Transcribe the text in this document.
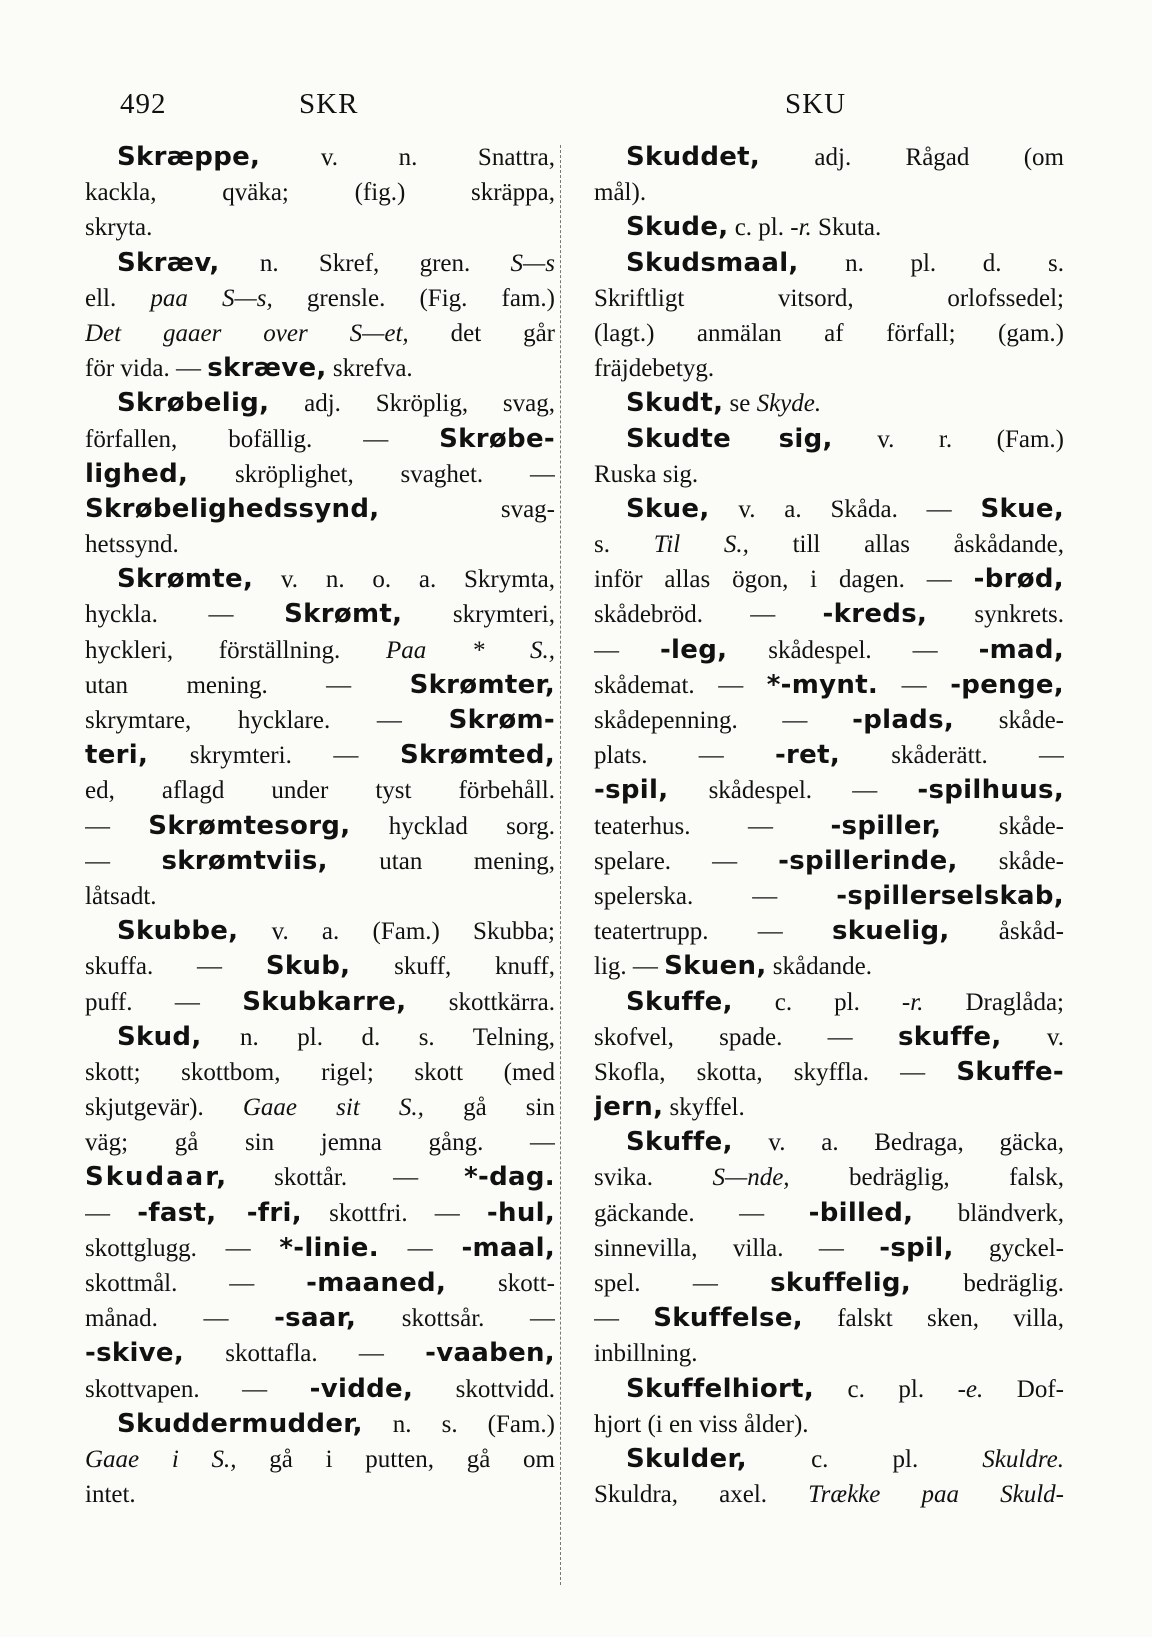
492	SKR	SKU
Skræppe, v. n. Snattra,
kackla, qväka; (fig.) skräppa,
skryta.
Skræv, n. Skref, gren. S—s
ell. paa S—s, grenslе. (Fig. fam.)
Det gaaer over S—et, det går
för vida. — skræve, skrefva.
Skrøbelig, adj. Skröplig, svag,
förfallen, bofällig. — Skrøbe-
lighed, skröplighet, svaghet. —
Skrøbelighedssynd, svag-
hetssynd.
Skrømte, v. n. o. a. Skrymta,
hyckla. — Skrømt, skrymteri,
hyckleri, förställning. Paa * S.,
utan mening. — Skrømter,
skrymtare, hycklare. — Skrøm-
teri, skrymteri. — Skrømted,
ed, aflagd under tyst förbehåll.
— Skrømtesorg, hycklad sorg.
— skrømtviis, utan mening,
låtsadt.
Skubbe, v. a. (Fam.) Skubba;
skuffa. — Skub, skuff, knuff,
puff. — Skubkarre, skottkärra.
Skud, n. pl. d. s. Telning,
skott; skottbom, rigel; skott (med
skjutgevär). Gaae sit S., gå sin
väg; gå sin jemna gång. —
Skudaar, skottår. — *-dag.
— -fast, -fri, skottfri. — -hul,
skottglugg. — *-linie. — -maal,
skottmål. — -maaned, skott-
månad. — -saar, skottsår. —
-skive, skottafla. — -vaaben,
skottvapen. — -vidde, skottvidd.
Skuddermudder, n. s. (Fam.)
Gaae i S., gå i putten, gå om
intet.
Skuddet, adj. Rågad (om
mål).
Skude, c. pl. -r. Skuta.
Skudsmaal, n. pl. d. s.
Skriftligt vitsord, orlofssedel;
(lagt.) anmälan af förfall; (gam.)
fräjdebetyg.
Skudt, se Skyde.
Skudte sig, v. r. (Fam.)
Ruska sig.
Skue, v. a. Skåda. — Skue,
s. Til S., till allas åskådande,
inför allas ögon, i dagen. — -brød,
skådebröd. — -kreds, synkrets.
— -leg, skådespel. — -mad,
skådemat. — *-mynt. — -penge,
skådepenning. — -plads, skåde-
plats. — -ret, skåderätt. —
-spil, skådespel. — -spilhuus,
teaterhus. — -spiller, skåde-
spelare. — -spillerinde, skåde-
spelerska. — -spillerselskab,
teatertrupp. — skuelig, åskåd-
lig. — Skuen, skådande.
Skuffe, c. pl. -r. Draglåda;
skofvel, spade. — skuffe, v.
Skofla, skotta, skyffla. — Skuffe-
jern, skyffel.
Skuffe, v. a. Bedraga, gäcka,
svika. S—nde, bedräglig, falsk,
gäckande. — -billed, bländverk,
sinnevilla, villa. — -spil, gyckel-
spel. — skuffelig, bedräglig.
— Skuffelse, falskt sken, villa,
inbillning.
Skuffelhiort, c. pl. -e. Dof-
hjort (i en viss ålder).
Skulder, c. pl. Skuldre.
Skuldra, axel. Trække paa Skuld-
